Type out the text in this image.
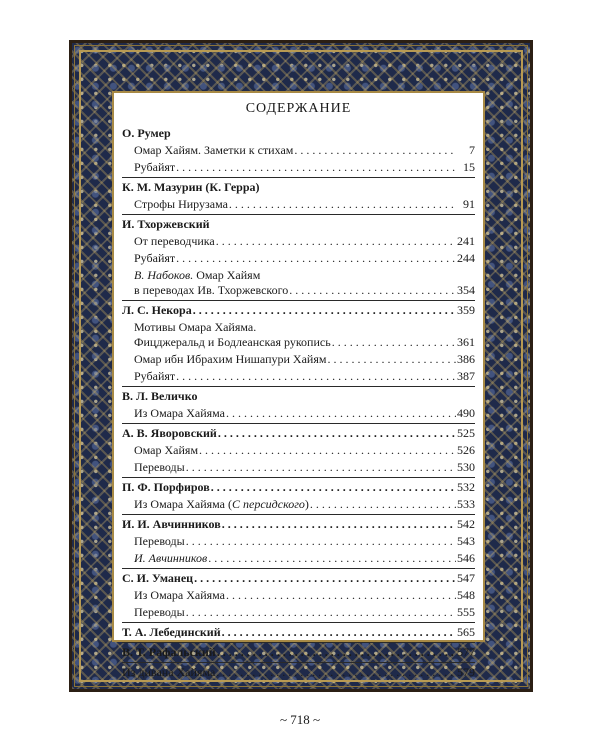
СОДЕРЖАНИЕ
О. Румер
Омар Хайям. Заметки к стихам . . .	7
Рубайят . . .	15
К. М. Мазурин (К. Герра)
Строфы Нирузама . . .	91
И. Тхоржевский
От переводчика . . .	241
Рубайят . . .	244
В. Набоков. Омар Хайям
в переводах Ив. Тхоржевского . . .	354
Л. С. Некора . . .	359
Мотивы Омара Хайяма.
Фицджеральд и Бодлеанская рукопись . . .	361
Омар ибн Ибрахим Нишапури Хайям . . .	386
Рубайят . . .	387
В. Л. Величко
Из Омара Хайяма . . .	490
А. В. Яворовский . . .	525
Омар Хайям . . .	526
Переводы . . .	530
П. Ф. Порфиров . . .	532
Из Омара Хайяма (С персидского) . . .	533
И. И. Авчинников . . .	542
Переводы . . .	543
И. Авчинников . . .	546
С. И. Уманец . . .	547
Из Омара Хайяма . . .	548
Переводы . . .	555
Т. А. Лебединский . . .	565
В. Т. Рафальский . . .	577
Из дивана Хайяма . . .	579
~ 718 ~
